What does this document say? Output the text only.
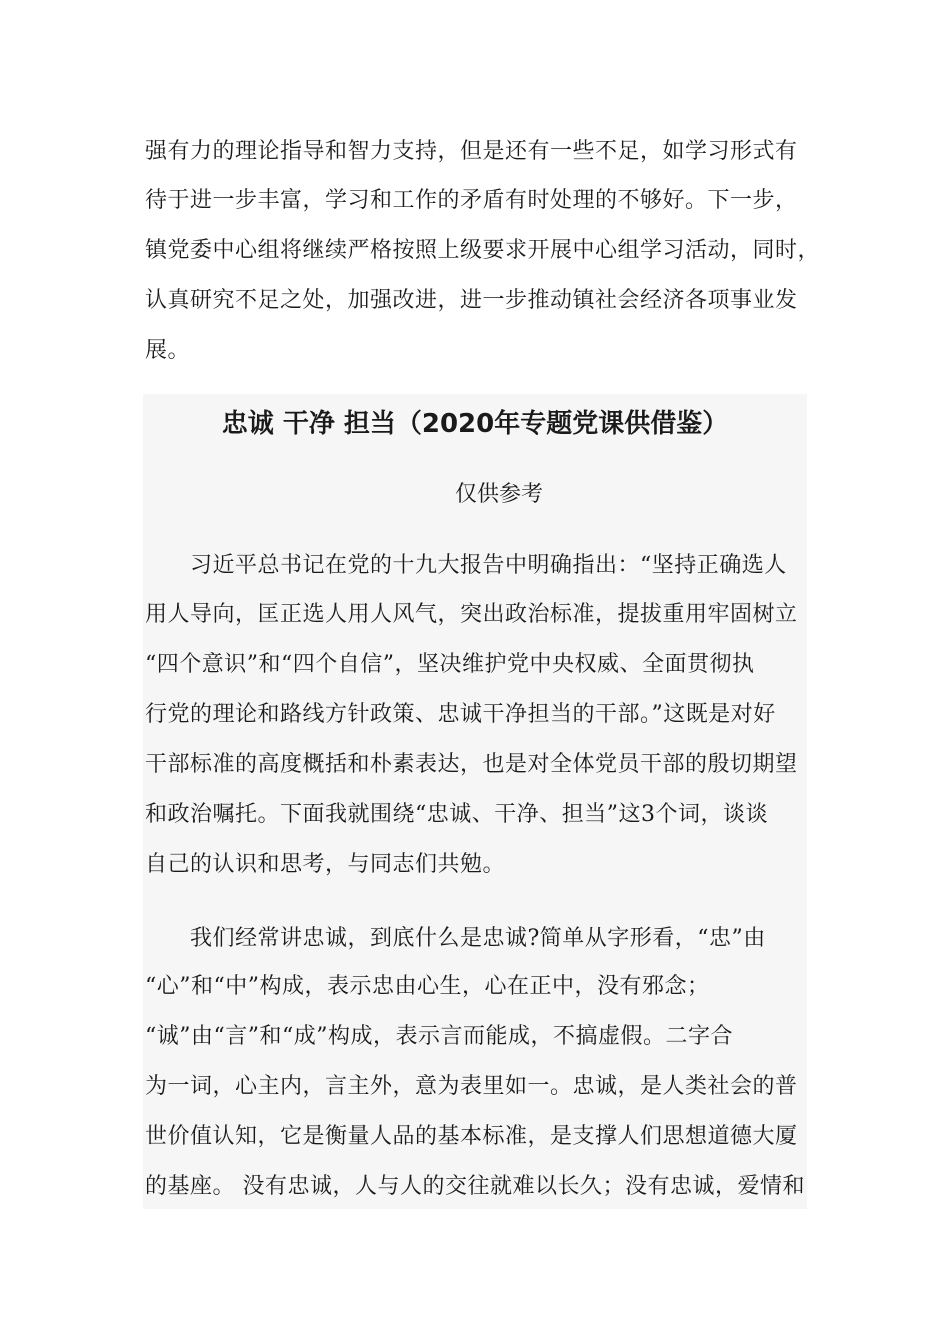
强有力的理论指导和智力支持，但是还有一些不足，如学习形式有
待于进一步丰富，学习和工作的矛盾有时处理的不够好。下一步，
镇党委中心组将继续严格按照上级要求开展中心组学习活动，同时，
认真研究不足之处，加强改进，进一步推动镇社会经济各项事业发
展。
忠诚 干净 担当（2020年专题党课供借鉴）
仅供参考
习近平总书记在党的十九大报告中明确指出：“坚持正确选人
用人导向，匡正选人用人风气，突出政治标准，提拔重用牢固树立
“四个意识”和“四个自信”，坚决维护党中央权威、全面贯彻执
行党的理论和路线方针政策、忠诚干净担当的干部。”这既是对好
干部标准的高度概括和朴素表达，也是对全体党员干部的殷切期望
和政治嘱托。下面我就围绕“忠诚、干净、担当”这3个词，谈谈
自己的认识和思考，与同志们共勉。
我们经常讲忠诚，到底什么是忠诚?简单从字形看，“忠”由
“心”和“中”构成，表示忠由心生，心在正中，没有邪念；
“诚”由“言”和“成”构成，表示言而能成，不搞虚假。二字合
为一词，心主内，言主外，意为表里如一。忠诚，是人类社会的普
世价值认知，它是衡量人品的基本标准，是支撑人们思想道德大厦
的基座。 没有忠诚，人与人的交往就难以长久；没有忠诚，爱情和
